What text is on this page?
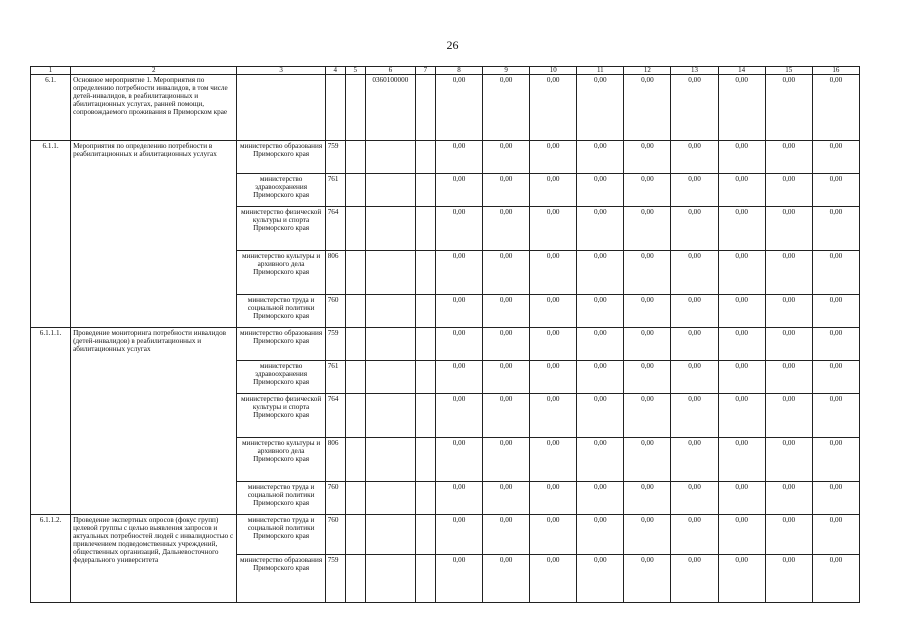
26
1	2	3	4	5	6	7	8	9	10	11	12	13	14	15	16
6.1.	Основное мероприятие 1. Мероприятия по определению потребности инвалидов, в том числе детей-инвалидов, в реабилитационных и абилитационных услугах, ранней помощи, сопровождаемого проживания в Приморском крае				0360100000		0,00	0,00	0,00	0,00	0,00	0,00	0,00	0,00	0,00
6.1.1.	Мероприятия по определению потребности в реабилитационных и абилитационных услугах	министерство образования Приморского края	759				0,00	0,00	0,00	0,00	0,00	0,00	0,00	0,00	0,00
		министерство здравоохранения Приморского края	761				0,00	0,00	0,00	0,00	0,00	0,00	0,00	0,00	0,00
		министерство физической культуры и спорта Приморского края	764				0,00	0,00	0,00	0,00	0,00	0,00	0,00	0,00	0,00
		министерство культуры и архивного дела Приморского края	806				0,00	0,00	0,00	0,00	0,00	0,00	0,00	0,00	0,00
		министерство труда и социальной политики Приморского края	760				0,00	0,00	0,00	0,00	0,00	0,00	0,00	0,00	0,00
6.1.1.1.	Проведение мониторинга потребности инвалидов (детей-инвалидов) в реабилитационных и абилитационных услугах	министерство образования Приморского края	759				0,00	0,00	0,00	0,00	0,00	0,00	0,00	0,00	0,00
		министерство здравоохранения Приморского края	761				0,00	0,00	0,00	0,00	0,00	0,00	0,00	0,00	0,00
		министерство физической культуры и спорта Приморского края	764				0,00	0,00	0,00	0,00	0,00	0,00	0,00	0,00	0,00
		министерство культуры и архивного дела Приморского края	806				0,00	0,00	0,00	0,00	0,00	0,00	0,00	0,00	0,00
		министерство труда и социальной политики Приморского края	760				0,00	0,00	0,00	0,00	0,00	0,00	0,00	0,00	0,00
6.1.1.2.	Проведение экспертных опросов (фокус групп) целевой группы с целью выявления запросов и актуальных потребностей людей с инвалидностью с привлечением подведомственных учреждений, общественных организаций, Дальневосточного федерального университета	министерство труда и социальной политики Приморского края	760				0,00	0,00	0,00	0,00	0,00	0,00	0,00	0,00	0,00
		министерство образования Приморского края	759				0,00	0,00	0,00	0,00	0,00	0,00	0,00	0,00	0,00
